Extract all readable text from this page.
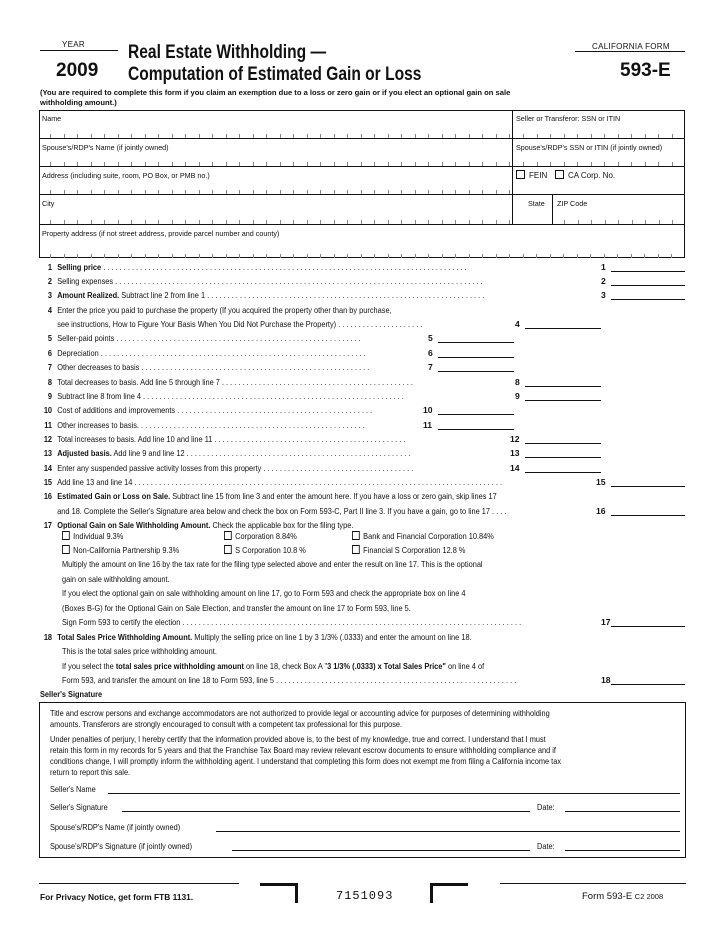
YEAR
2009
Real Estate Withholding —
Computation of Estimated Gain or Loss
CALIFORNIA FORM
593-E
(You are required to complete this form if you claim an exemption due to a loss or zero gain or if you elect an optional gain on sale
withholding amount.)
Name	Seller or Transferor: SSN or ITIN
Spouse's/RDP's Name (if jointly owned)	Spouse's/RDP's SSN or ITIN (if jointly owned)
Address (including suite, room, PO Box, or PMB no.)	FEIN	CA Corp. No.
City	State ZIP Code
Property address (if not street address, provide parcel number and county)
1 Selling price . . . . . . . . . . . . . . . . . . . . . . . . . . . . . . . . . . . . . . . . . . . . . . . . . . . . . . . . . . . . . . . . . . . . . . . . . . . . . . . . . . . . . . . . .	1
2 Selling expenses . . . . . . . . . . . . . . . . . . . . . . . . . . . . . . . . . . . . . . . . . . . . . . . . . . . . . . . . . . . . . . . . . . . . . . . . . . . . . . . . . . . . . . . . . .	2
3 Amount Realized. Subtract line 2 from line 1 . . . . . . . . . . . . . . . . . . . . . . . . . . . . . . . . . . . . . . . . . . . . . . . . . . . . . . . . . . . . . . . . . . . .	3
4 Enter the price you paid to purchase the property (If you acquired the property other than by purchase,
see instructions, How to Figure Your Basis When You Did Not Purchase the Property) . . . . . . . . . . . . . . . . . . . . .	4
5 Seller-paid points . . . . . . . . . . . . . . . . . . . . . . . . . . . . . . . . . . . . . . . . . . . . . . . . . . . . . . . . . . . .	5
6 Depreciation . . . . . . . . . . . . . . . . . . . . . . . . . . . . . . . . . . . . . . . . . . . . . . . . . . . . . . . . . . . . . . . . .	6
7 Other decreases to basis . . . . . . . . . . . . . . . . . . . . . . . . . . . . . . . . . . . . . . . . . . . . . . . . . . . . . . . .	7
8 Total decreases to basis. Add line 5 through line 7 . . . . . . . . . . . . . . . . . . . . . . . . . . . . . . . . . . . . . . . . . . . . . . .	8
9 Subtract line 8 from line 4 . . . . . . . . . . . . . . . . . . . . . . . . . . . . . . . . . . . . . . . . . . . . . . . . . . . . . . . . . . . . . . . .	9
10 Cost of additions and improvements . . . . . . . . . . . . . . . . . . . . . . . . . . . . . . . . . . . . . . . . . . . . . . . .	10
11 Other increases to basis. . . . . . . . . . . . . . . . . . . . . . . . . . . . . . . . . . . . . . . . . . . . . . . . . . . . . . . .	11
12 Total increases to basis. Add line 10 and line 11 . . . . . . . . . . . . . . . . . . . . . . . . . . . . . . . . . . . . . . . . . . . . . . .	12
13 Adjusted basis. Add line 9 and line 12 . . . . . . . . . . . . . . . . . . . . . . . . . . . . . . . . . . . . . . . . . . . . . . . . . . . . . . .	13
14 Enter any suspended passive activity losses from this property . . . . . . . . . . . . . . . . . . . . . . . . . . . . . . . . . . . . .	14
15 Add line 13 and line 14 . . . . . . . . . . . . . . . . . . . . . . . . . . . . . . . . . . . . . . . . . . . . . . . . . . . . . . . . . . . . . . . . . . . . . . . . . . . . . . . . . . . . . . . . . .	15
16 Estimated Gain or Loss on Sale. Subtract line 15 from line 3 and enter the amount here. If you have a loss or zero gain, skip lines 17
and 18. Complete the Seller's Signature area below and check the box on Form 593-C, Part II line 3. If you have a gain, go to line 17 . . . .	16
17 Optional Gain on Sale Withholding Amount. Check the applicable box for the filing type.
Individual 9.3%	Corporation 8.84%	Bank and Financial Corporation 10.84%
Non-California Partnership 9.3%	S Corporation 10.8 %	Financial S Corporation 12.8 %
Multiply the amount on line 16 by the tax rate for the filing type selected above and enter the result on line 17. This is the optional
gain on sale withholding amount.
If you elect the optional gain on sale withholding amount on line 17, go to Form 593 and check the appropriate box on line 4
(Boxes B-G) for the Optional Gain on Sale Election, and transfer the amount on line 17 to Form 593, line 5.
Sign Form 593 to certify the election . . . . . . . . . . . . . . . . . . . . . . . . . . . . . . . . . . . . . . . . . . . . . . . . . . . . . . . . . . . . . . . . . . . . . . . . . . . . . . . . . . .	17
18 Total Sales Price Withholding Amount. Multiply the selling price on line 1 by 3 1/3% (.0333) and enter the amount on line 18.
This is the total sales price withholding amount.
If you select the total sales price withholding amount on line 18, check Box A "3 1/3% (.0333) x Total Sales Price" on line 4 of
Form 593, and transfer the amount on line 18 to Form 593, line 5 . . . . . . . . . . . . . . . . . . . . . . . . . . . . . . . . . . . . . . . . . . . . . . . . . . . . . . . . . . .	18
Seller's Signature
Title and escrow persons and exchange accommodators are not authorized to provide legal or accounting advice for purposes of determining withholding
amounts. Transferors are strongly encouraged to consult with a competent tax professional for this purpose.
Under penalties of perjury, I hereby certify that the information provided above is, to the best of my knowledge, true and correct. I understand that I must
retain this form in my records for 5 years and that the Franchise Tax Board may review relevant escrow documents to ensure withholding compliance and if
conditions change, I will promptly inform the withholding agent. I understand that completing this form does not exempt me from filing a California income tax
return to report this sale.
Seller's Name
Seller's Signature	Date:
Spouse's/RDP's Name (if jointly owned)
Spouse's/RDP's Signature (if jointly owned)	Date:
For Privacy Notice, get form FTB 1131.	7151093	Form 593-E C2 2008
